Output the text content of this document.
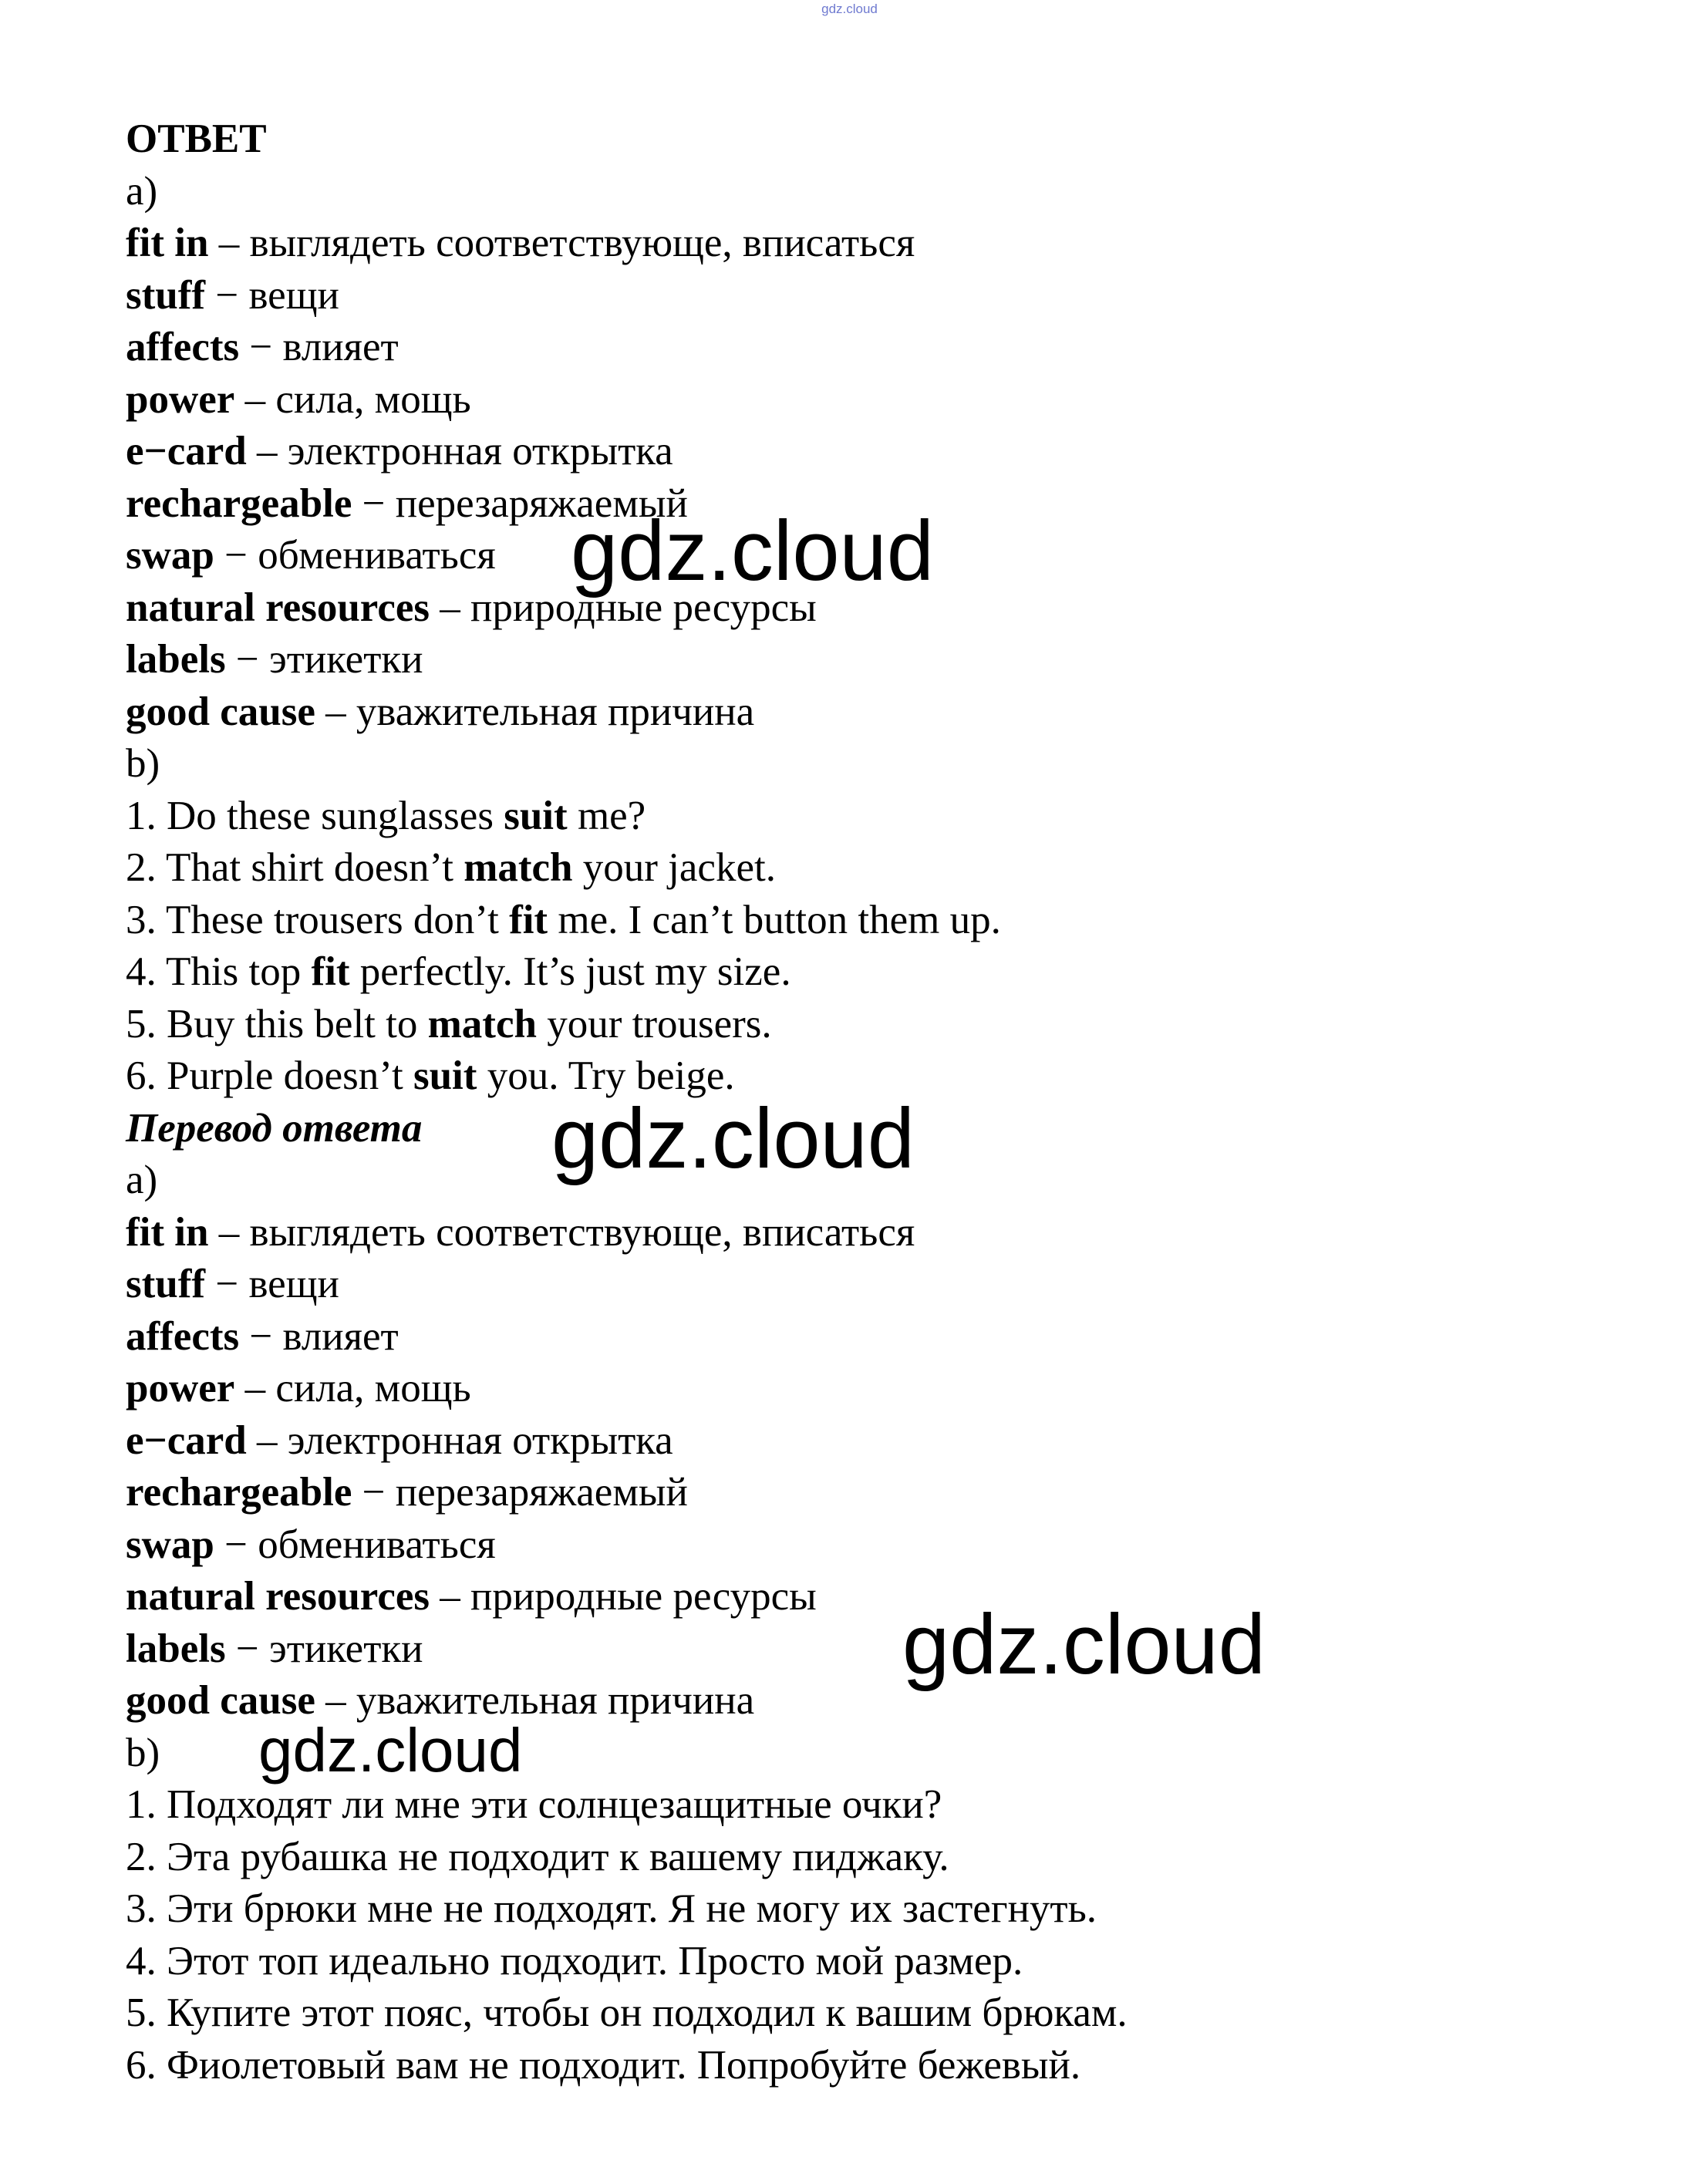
gdz.cloud
ОТВЕТ
a)
fit in – выглядеть соответствующе, вписаться
stuff − вещи
affects − влияет
power – сила, мощь
e−card – электронная открытка
rechargeable − перезаряжаемый
swap − обмениваться
natural resources – природные ресурсы
labels − этикетки
good cause – уважительная причина
b)
1. Do these sunglasses suit me?
2. That shirt doesn’t match your jacket.
3. These trousers don’t fit me. I can’t button them up.
4. This top fit perfectly. It’s just my size.
5. Buy this belt to match your trousers.
6. Purple doesn’t suit you. Try beige.
Перевод ответа
a)
fit in – выглядеть соответствующе, вписаться
stuff − вещи
affects − влияет
power – сила, мощь
e−card – электронная открытка
rechargeable − перезаряжаемый
swap − обмениваться
natural resources – природные ресурсы
labels − этикетки
good cause – уважительная причина
b)
1. Подходят ли мне эти солнцезащитные очки?
2. Эта рубашка не подходит к вашему пиджаку.
3. Эти брюки мне не подходят. Я не могу их застегнуть.
4. Этот топ идеально подходит. Просто мой размер.
5. Купите этот пояс, чтобы он подходил к вашим брюкам.
6. Фиолетовый вам не подходит. Попробуйте бежевый.
gdz.cloud
gdz.cloud
gdz.cloud
gdz.cloud
